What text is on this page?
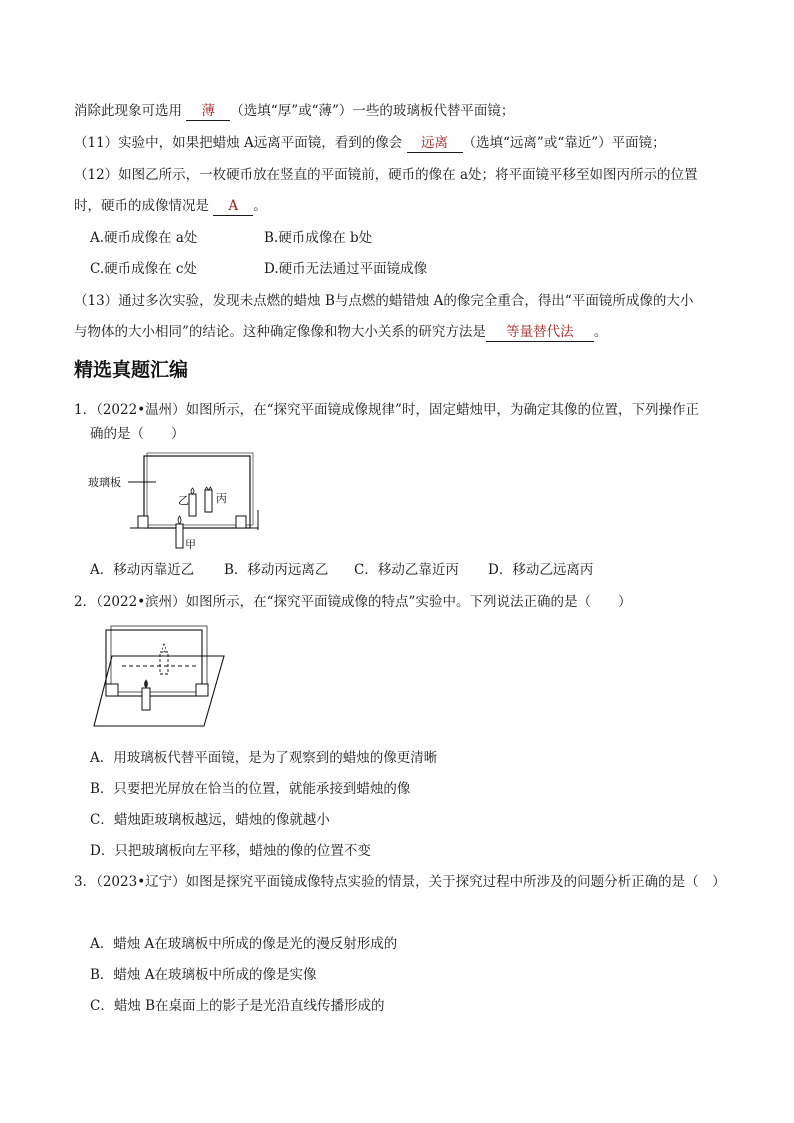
消除此现象可选用 薄 （选填“厚”或“薄”）一些的玻璃板代替平面镜；
（11）实验中，如果把蜡烛 A远离平面镜，看到的像会 远离 （选填“远离”或“靠近”）平面镜；
（12）如图乙所示，一枚硬币放在竖直的平面镜前，硬币的像在 a处；将平面镜平移至如图丙所示的位置
时，硬币的成像情况是 A 。
A.硬币成像在 a处	B.硬币成像在 b处
C.硬币成像在 c处	D.硬币无法通过平面镜成像
（13）通过多次实验，发现未点燃的蜡烛 B与点燃的蜡错烛 A的像完全重合，得出“平面镜所成像的大小
与物体的大小相同”的结论。这种确定像像和物大小关系的研究方法是 等量替代法 。
精选真题汇编
1．（2022•温州）如图所示，在“探究平面镜成像规律”时，固定蜡烛甲，为确定其像的位置，下列操作正
确的是（　　）
玻璃板
乙 丙
甲
A．移动丙靠近乙 B．移动丙远离乙 C．移动乙靠近丙 D．移动乙远离丙
2．（2022•滨州）如图所示，在“探究平面镜成像的特点”实验中。下列说法正确的是（　　）
A．用玻璃板代替平面镜，是为了观察到的蜡烛的像更清晰
B．只要把光屏放在恰当的位置，就能承接到蜡烛的像
C．蜡烛距玻璃板越远，蜡烛的像就越小
D．只把玻璃板向左平移，蜡烛的像的位置不变
3．（2023•辽宁）如图是探究平面镜成像特点实验的情景，关于探究过程中所涉及的问题分析正确的是（　）
A．蜡烛 A在玻璃板中所成的像是光的漫反射形成的
B．蜡烛 A在玻璃板中所成的像是实像
C．蜡烛 B在桌面上的影子是光沿直线传播形成的
